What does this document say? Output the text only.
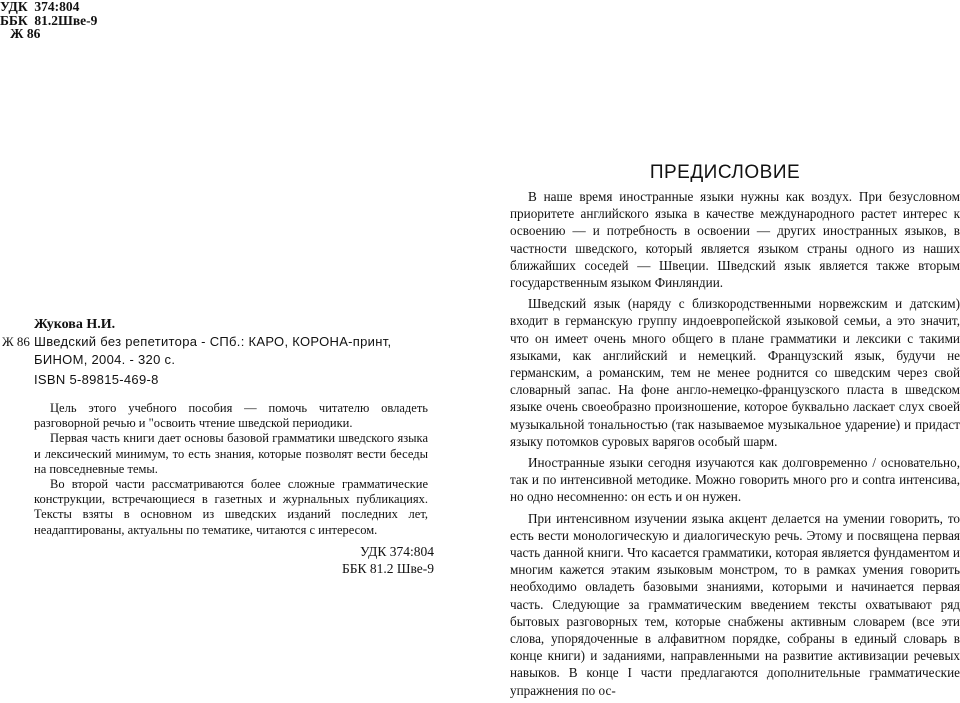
УДК  374:804
ББК  81.2Шве-9
Ж 86
Жукова Н.И.
Ж 86 Шведский без репетитора - СПб.: КАРО, КОРОНА-принт,
БИНОМ, 2004. - 320 с.
ISBN 5-89815-469-8

Цель этого учебного пособия — помочь читателю овладеть разговорной речью и "освоить чтение шведской периодики.

Первая часть книги дает основы базовой грамматики шведского языка и лексический минимум, то есть знания, которые позволят вести беседы на повседневные темы.

Во второй части рассматриваются более сложные грамматические конструкции, встречающиеся в газетных и журнальных публикациях. Тексты взяты в основном из шведских изданий последних лет, неадаптированы, актуальны по тематике, читаются с интересом.

УДК 374:804
ББК 81.2 Шве-9
ПРЕДИСЛОВИЕ

В наше время иностранные языки нужны как воздух. При безусловном приоритете английского языка в качестве международного растет интерес к освоению — и потребность в освоении — других иностранных языков, в частности шведского, который является языком страны одного из наших ближайших соседей — Швеции. Шведский язык является также вторым государственным языком Финляндии.

Шведский язык (наряду с близкородственными норвежским и датским) входит в германскую группу индоевропейской языковой семьи, а это значит, что он имеет очень много общего в плане грамматики и лексики с такими языками, как английский и немецкий. Французский язык, будучи не германским, а романским, тем не менее роднится со шведским через свой словарный запас. На фоне англо-немецко-французского пласта в шведском языке очень своеобразно произношение, которое буквально ласкает слух своей музыкальной тональностью (так называемое музыкальное ударение) и придаст языку потомков суровых варягов особый шарм.

Иностранные языки сегодня изучаются как долговременно / основательно, так и по интенсивной методике. Можно говорить много pro и contra интенсива, но одно несомненно: он есть и он нужен.

При интенсивном изучении языка акцент делается на умении говорить, то есть вести монологическую и диалогическую речь. Этому и посвящена первая часть данной книги. Что касается грамматики, которая является фундаментом и многим кажется этаким языковым монстром, то в рамках умения говорить необходимо овладеть базовыми знаниями, которыми и начинается первая часть. Следующие за грамматическим введением тексты охватывают ряд бытовых разговорных тем, которые снабжены активным словарем (все эти слова, упорядоченные в алфавитном порядке, собраны в единый словарь в конце книги) и заданиями, направленными на развитие активизации речевых навыков. В конце I части предлагаются дополнительные грамматические упражнения по ос-
